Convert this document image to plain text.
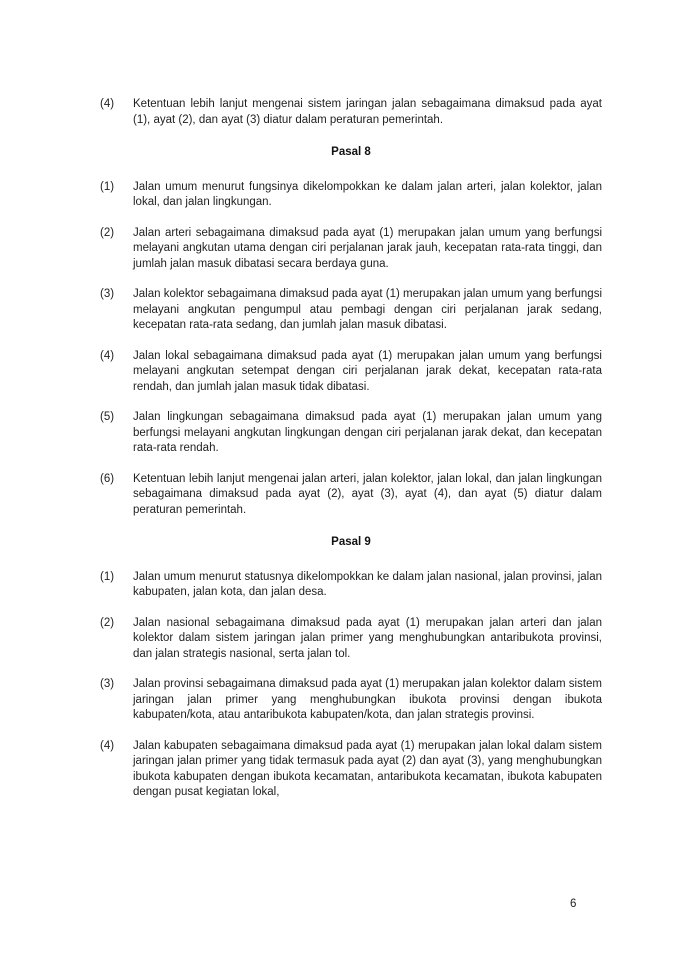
(4)	Ketentuan lebih lanjut mengenai sistem jaringan jalan sebagaimana dimaksud pada ayat (1), ayat (2), dan ayat (3) diatur dalam peraturan pemerintah.
Pasal 8
(1)	Jalan umum menurut fungsinya dikelompokkan ke dalam jalan arteri, jalan kolektor, jalan lokal, dan jalan lingkungan.
(2)	Jalan arteri sebagaimana dimaksud pada ayat (1) merupakan jalan umum yang berfungsi melayani angkutan utama dengan ciri perjalanan jarak jauh, kecepatan rata-rata tinggi, dan jumlah jalan masuk dibatasi secara berdaya guna.
(3)	Jalan kolektor sebagaimana dimaksud pada ayat (1) merupakan jalan umum yang berfungsi melayani angkutan pengumpul atau pembagi dengan ciri perjalanan jarak sedang, kecepatan rata-rata sedang, dan jumlah jalan masuk dibatasi.
(4)	Jalan lokal sebagaimana dimaksud pada ayat (1) merupakan jalan umum yang berfungsi melayani angkutan setempat dengan ciri perjalanan jarak dekat, kecepatan rata-rata rendah, dan jumlah jalan masuk tidak dibatasi.
(5)	Jalan lingkungan sebagaimana dimaksud pada ayat (1) merupakan jalan umum yang berfungsi melayani angkutan lingkungan dengan ciri perjalanan jarak dekat, dan kecepatan rata-rata rendah.
(6)	Ketentuan lebih lanjut mengenai jalan arteri, jalan kolektor, jalan lokal, dan jalan lingkungan sebagaimana dimaksud pada ayat (2), ayat (3), ayat (4), dan ayat (5) diatur dalam peraturan pemerintah.
Pasal 9
(1)	Jalan umum menurut statusnya dikelompokkan ke dalam jalan nasional, jalan provinsi, jalan kabupaten, jalan kota, dan jalan desa.
(2)	Jalan nasional sebagaimana dimaksud pada ayat (1) merupakan jalan arteri dan jalan kolektor dalam sistem jaringan jalan primer yang menghubungkan antaribukota provinsi, dan jalan strategis nasional, serta jalan tol.
(3)	Jalan provinsi sebagaimana dimaksud pada ayat (1) merupakan jalan kolektor dalam sistem jaringan jalan primer yang menghubungkan ibukota provinsi dengan ibukota kabupaten/kota, atau antaribukota kabupaten/kota, dan jalan strategis provinsi.
(4)	Jalan kabupaten sebagaimana dimaksud pada ayat (1) merupakan jalan lokal dalam sistem jaringan jalan primer yang tidak termasuk pada ayat (2) dan ayat (3), yang menghubungkan ibukota kabupaten dengan ibukota kecamatan, antaribukota kecamatan, ibukota kabupaten dengan pusat kegiatan lokal,
6
